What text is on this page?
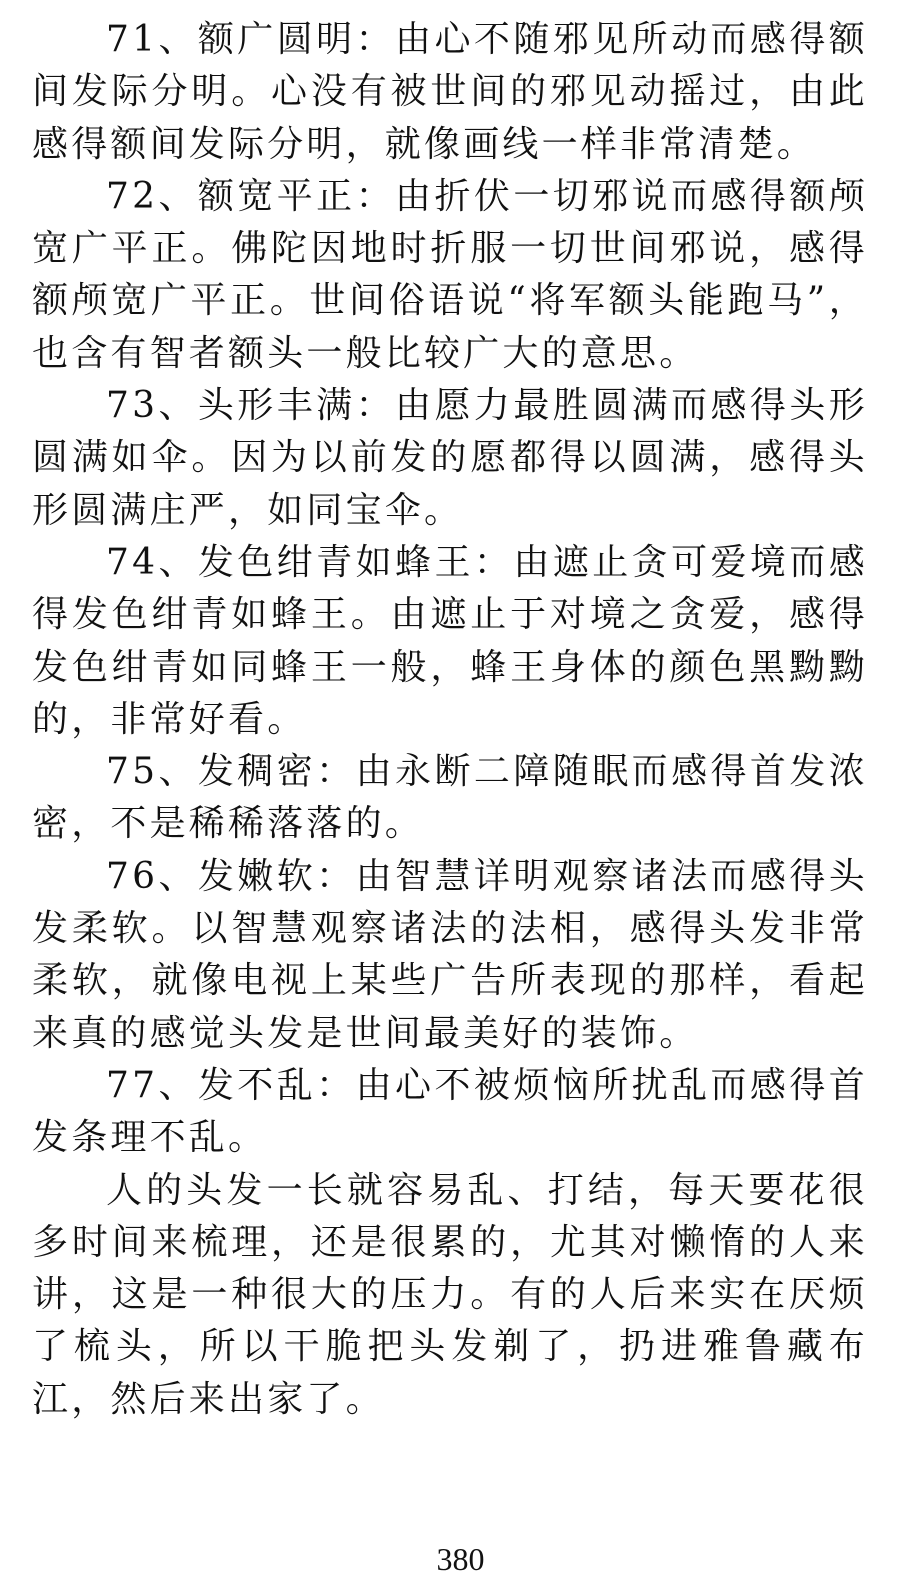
71、额广圆明：由心不随邪见所动而感得额间发际分明。心没有被世间的邪见动摇过，由此感得额间发际分明，就像画线一样非常清楚。

72、额宽平正：由折伏一切邪说而感得额颅宽广平正。佛陀因地时折服一切世间邪说，感得额颅宽广平正。世间俗语说“将军额头能跑马”，也含有智者额头一般比较广大的意思。

73、头形丰满：由愿力最胜圆满而感得头形圆满如伞。因为以前发的愿都得以圆满，感得头形圆满庄严，如同宝伞。

74、发色绀青如蜂王：由遮止贪可爱境而感得发色绀青如蜂王。由遮止于对境之贪爱，感得发色绀青如同蜂王一般，蜂王身体的颜色黑黝黝的，非常好看。

75、发稠密：由永断二障随眠而感得首发浓密，不是稀稀落落的。

76、发嫩软：由智慧详明观察诸法而感得头发柔软。以智慧观察诸法的法相，感得头发非常柔软，就像电视上某些广告所表现的那样，看起来真的感觉头发是世间最美好的装饰。

77、发不乱：由心不被烦恼所扰乱而感得首发条理不乱。

人的头发一长就容易乱、打结，每天要花很多时间来梳理，还是很累的，尤其对懒惰的人来讲，这是一种很大的压力。有的人后来实在厌烦了梳头，所以干脆把头发剃了，扔进雅鲁藏布江，然后来出家了。

380
